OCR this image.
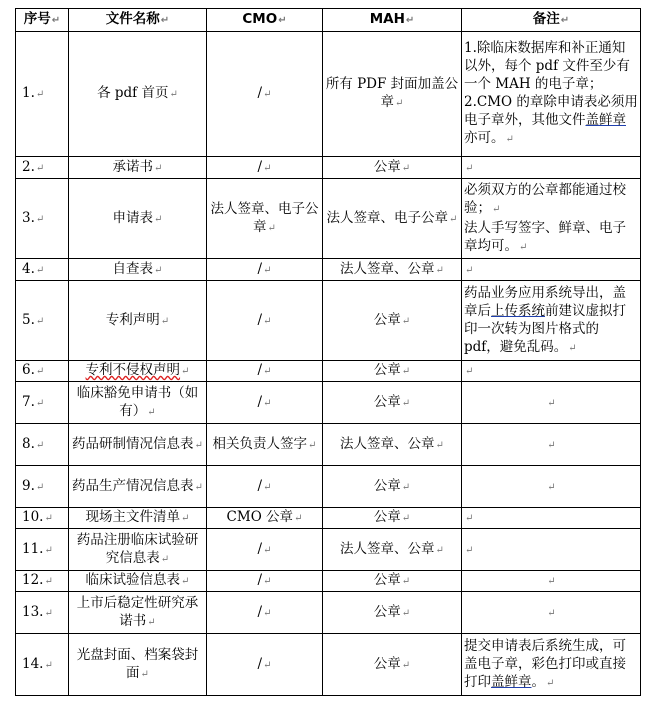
序号↵	文件名称↵	CMO↵	MAH↵	备注↵
1.↵	各 pdf 首页↵	/↵	所有 PDF 封面加盖公章↵	1.除临床数据库和补正通知以外，每个 pdf 文件至少有一个 MAH 的电子章；2.CMO 的章除申请表必须用电子章外，其他文件盖鲜章亦可。↵
2.↵	承诺书↵	/↵	公章↵	↵
3.↵	申请表↵	法人签章、电子公章↵	法人签章、电子公章↵	必须双方的公章都能通过校验；↵
法人手写签字、鲜章、电子章均可。↵
4.↵	自查表↵	/↵	法人签章、公章↵	↵
5.↵	专利声明↵	/↵	公章↵	药品业务应用系统导出，盖章后上传系统前建议虚拟打印一次转为图片格式的 pdf，避免乱码。↵
6.↵	专利不侵权声明↵	/↵	公章↵	↵
7.↵	临床豁免申请书（如有）↵	/↵	公章↵	↵
8.↵	药品研制情况信息表↵	相关负责人签字↵	法人签章、公章↵	↵
9.↵	药品生产情况信息表↵	/↵	公章↵	↵
10.↵	现场主文件清单↵	CMO 公章↵	公章↵	↵
11.↵	药品注册临床试验研究信息表↵	/↵	法人签章、公章↵	↵
12.↵	临床试验信息表↵	/↵	公章↵	↵
13.↵	上市后稳定性研究承诺书↵	/↵	公章↵	↵
14.↵	光盘封面、档案袋封面↵	/↵	公章↵	提交申请表后系统生成，可盖电子章，彩色打印或直接打印盖鲜章。↵
